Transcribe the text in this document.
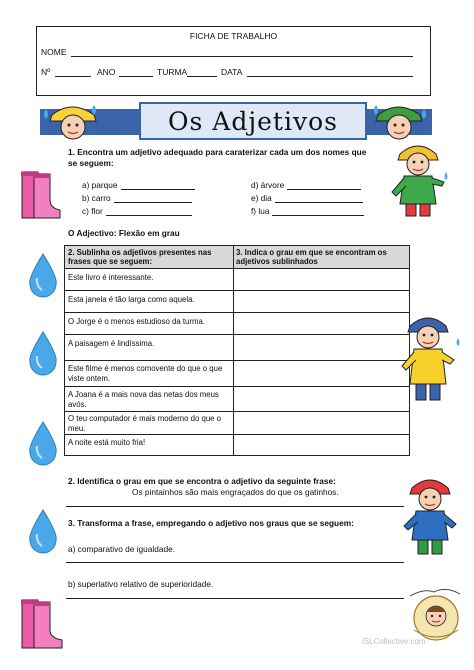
FICHA DE TRABALHO
NOME
Nº	ANO	TURMA	DATA
Os Adjetivos
1. Encontra um adjetivo adequado para caraterizar cada um dos nomes que se seguem:
a) parque
b) carro
c) flor
d) árvore
e) dia
f) lua
O Adjectivo: Flexão em grau
2. Sublinha os adjetivos presentes nas frases que se seguem:
3. Indica o grau em que se encontram os adjetivos sublinhados
Este livro é interessante.
Esta janela é tão larga como aquela.
O Jorge é o menos estudioso da turma.
A paisagem é lindíssima.
Este filme é menos comovente do que o que viste ontem.
A Joana é a mais nova das netas dos meus avós.
O teu computador é mais moderno do que o meu.
A noite está muito fria!
2. Identifica o grau em que se encontra o adjetivo da seguinte frase:
Os pintainhos são mais engraçados do que os gatinhos.
3. Transforma a frase, empregando o adjetivo nos graus que se seguem:
a) comparativo de igualdade.
b) superlativo relativo de superioridade.
iSLCollective.com
